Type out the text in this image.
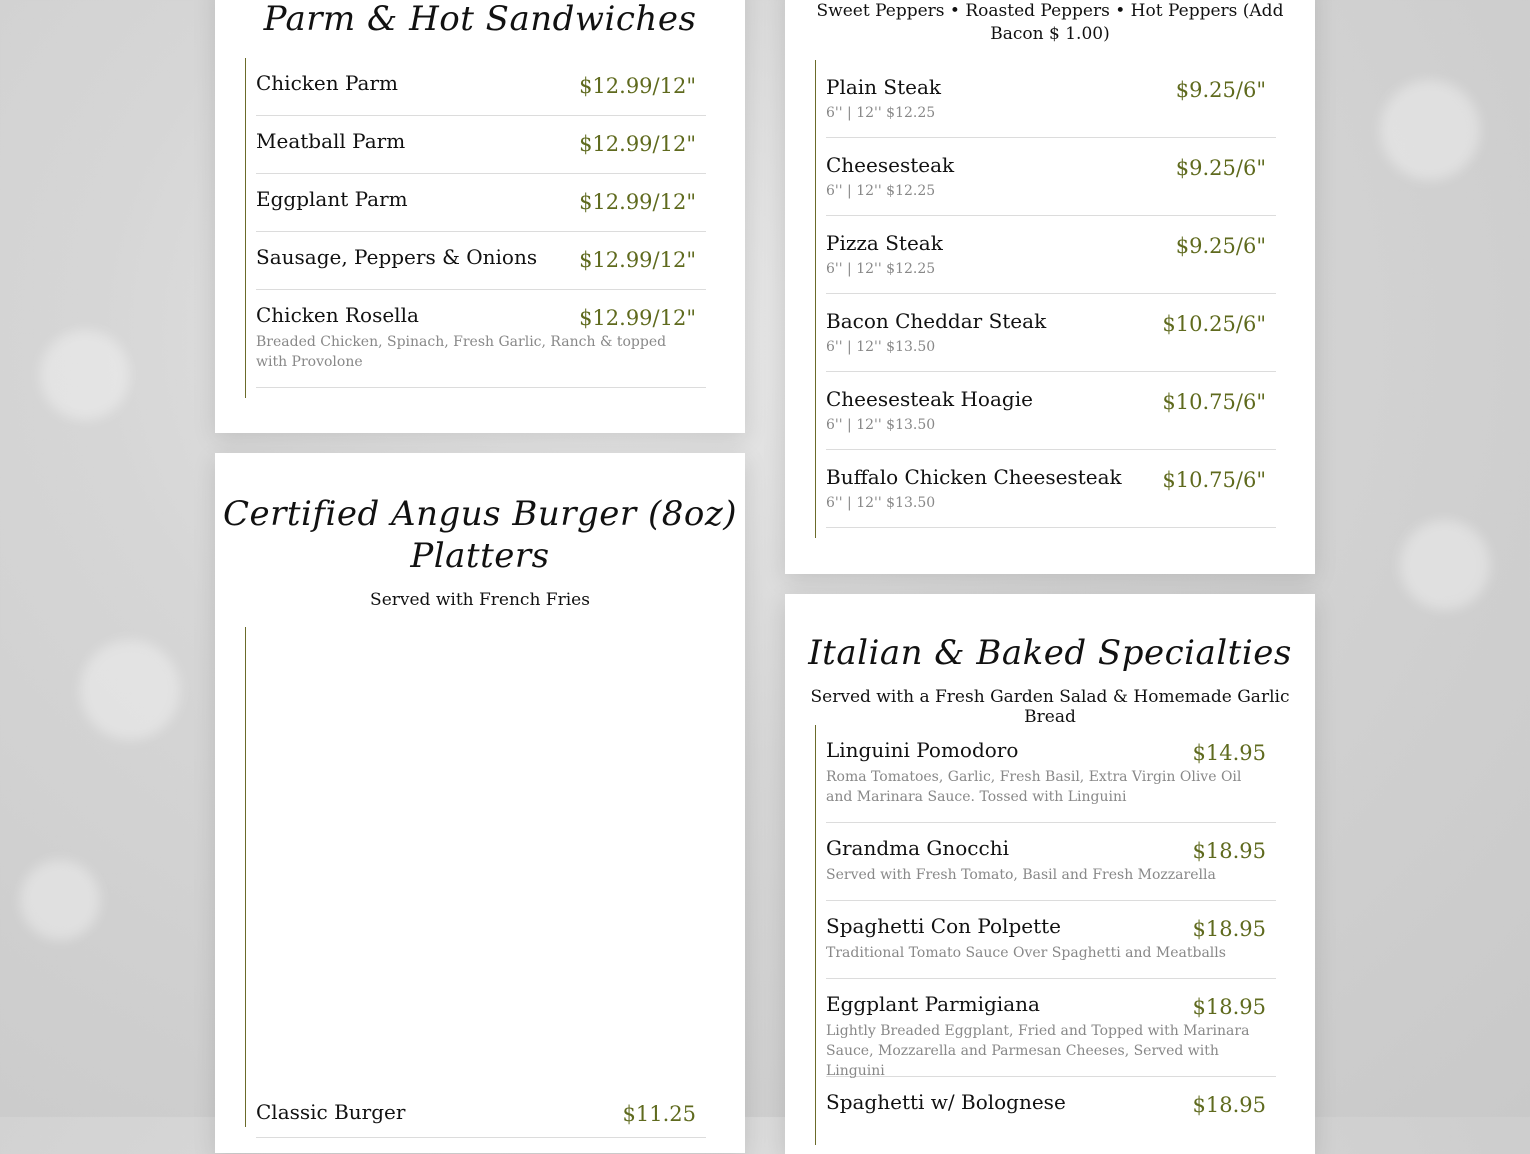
Parm & Hot Sandwiches
Chicken Parm	$12.99/12"
Meatball Parm	$12.99/12"
Eggplant Parm	$12.99/12"
Sausage, Peppers & Onions $12.99/12"
Chicken Rosella	$12.99/12"
Breaded Chicken, Spinach, Fresh Garlic, Ranch & topped with Provolone
Certified Angus Burger (8oz)
Platters

Served with French Fries

Classic Burger	$11.25

Sweet Peppers • Roasted Peppers • Hot Peppers (Add Bacon $ 1.00)

Plain Steak	$9.25/6"
6'' | 12'' $12.25
Cheesesteak	$9.25/6"
6'' | 12'' $12.25
Pizza Steak	$9.25/6"
6'' | 12'' $12.25
Bacon Cheddar Steak	$10.25/6"
6'' | 12'' $13.50
Cheesesteak Hoagie	$10.75/6"
6'' | 12'' $13.50
Buffalo Chicken Cheesesteak $10.75/6"
6'' | 12'' $13.50
Italian & Baked Specialties

Served with a Fresh Garden Salad & Homemade Garlic Bread

Linguini Pomodoro	$14.95
Roma Tomatoes, Garlic, Fresh Basil, Extra Virgin Olive Oil and Marinara Sauce. Tossed with Linguini
Grandma Gnocchi	$18.95
Served with Fresh Tomato, Basil and Fresh Mozzarella
Spaghetti Con Polpette	$18.95
Traditional Tomato Sauce Over Spaghetti and Meatballs
Eggplant Parmigiana	$18.95
Lightly Breaded Eggplant, Fried and Topped with Marinara Sauce, Mozzarella and Parmesan Cheeses, Served with Linguini
Spaghetti w/ Bolognese	$18.95
